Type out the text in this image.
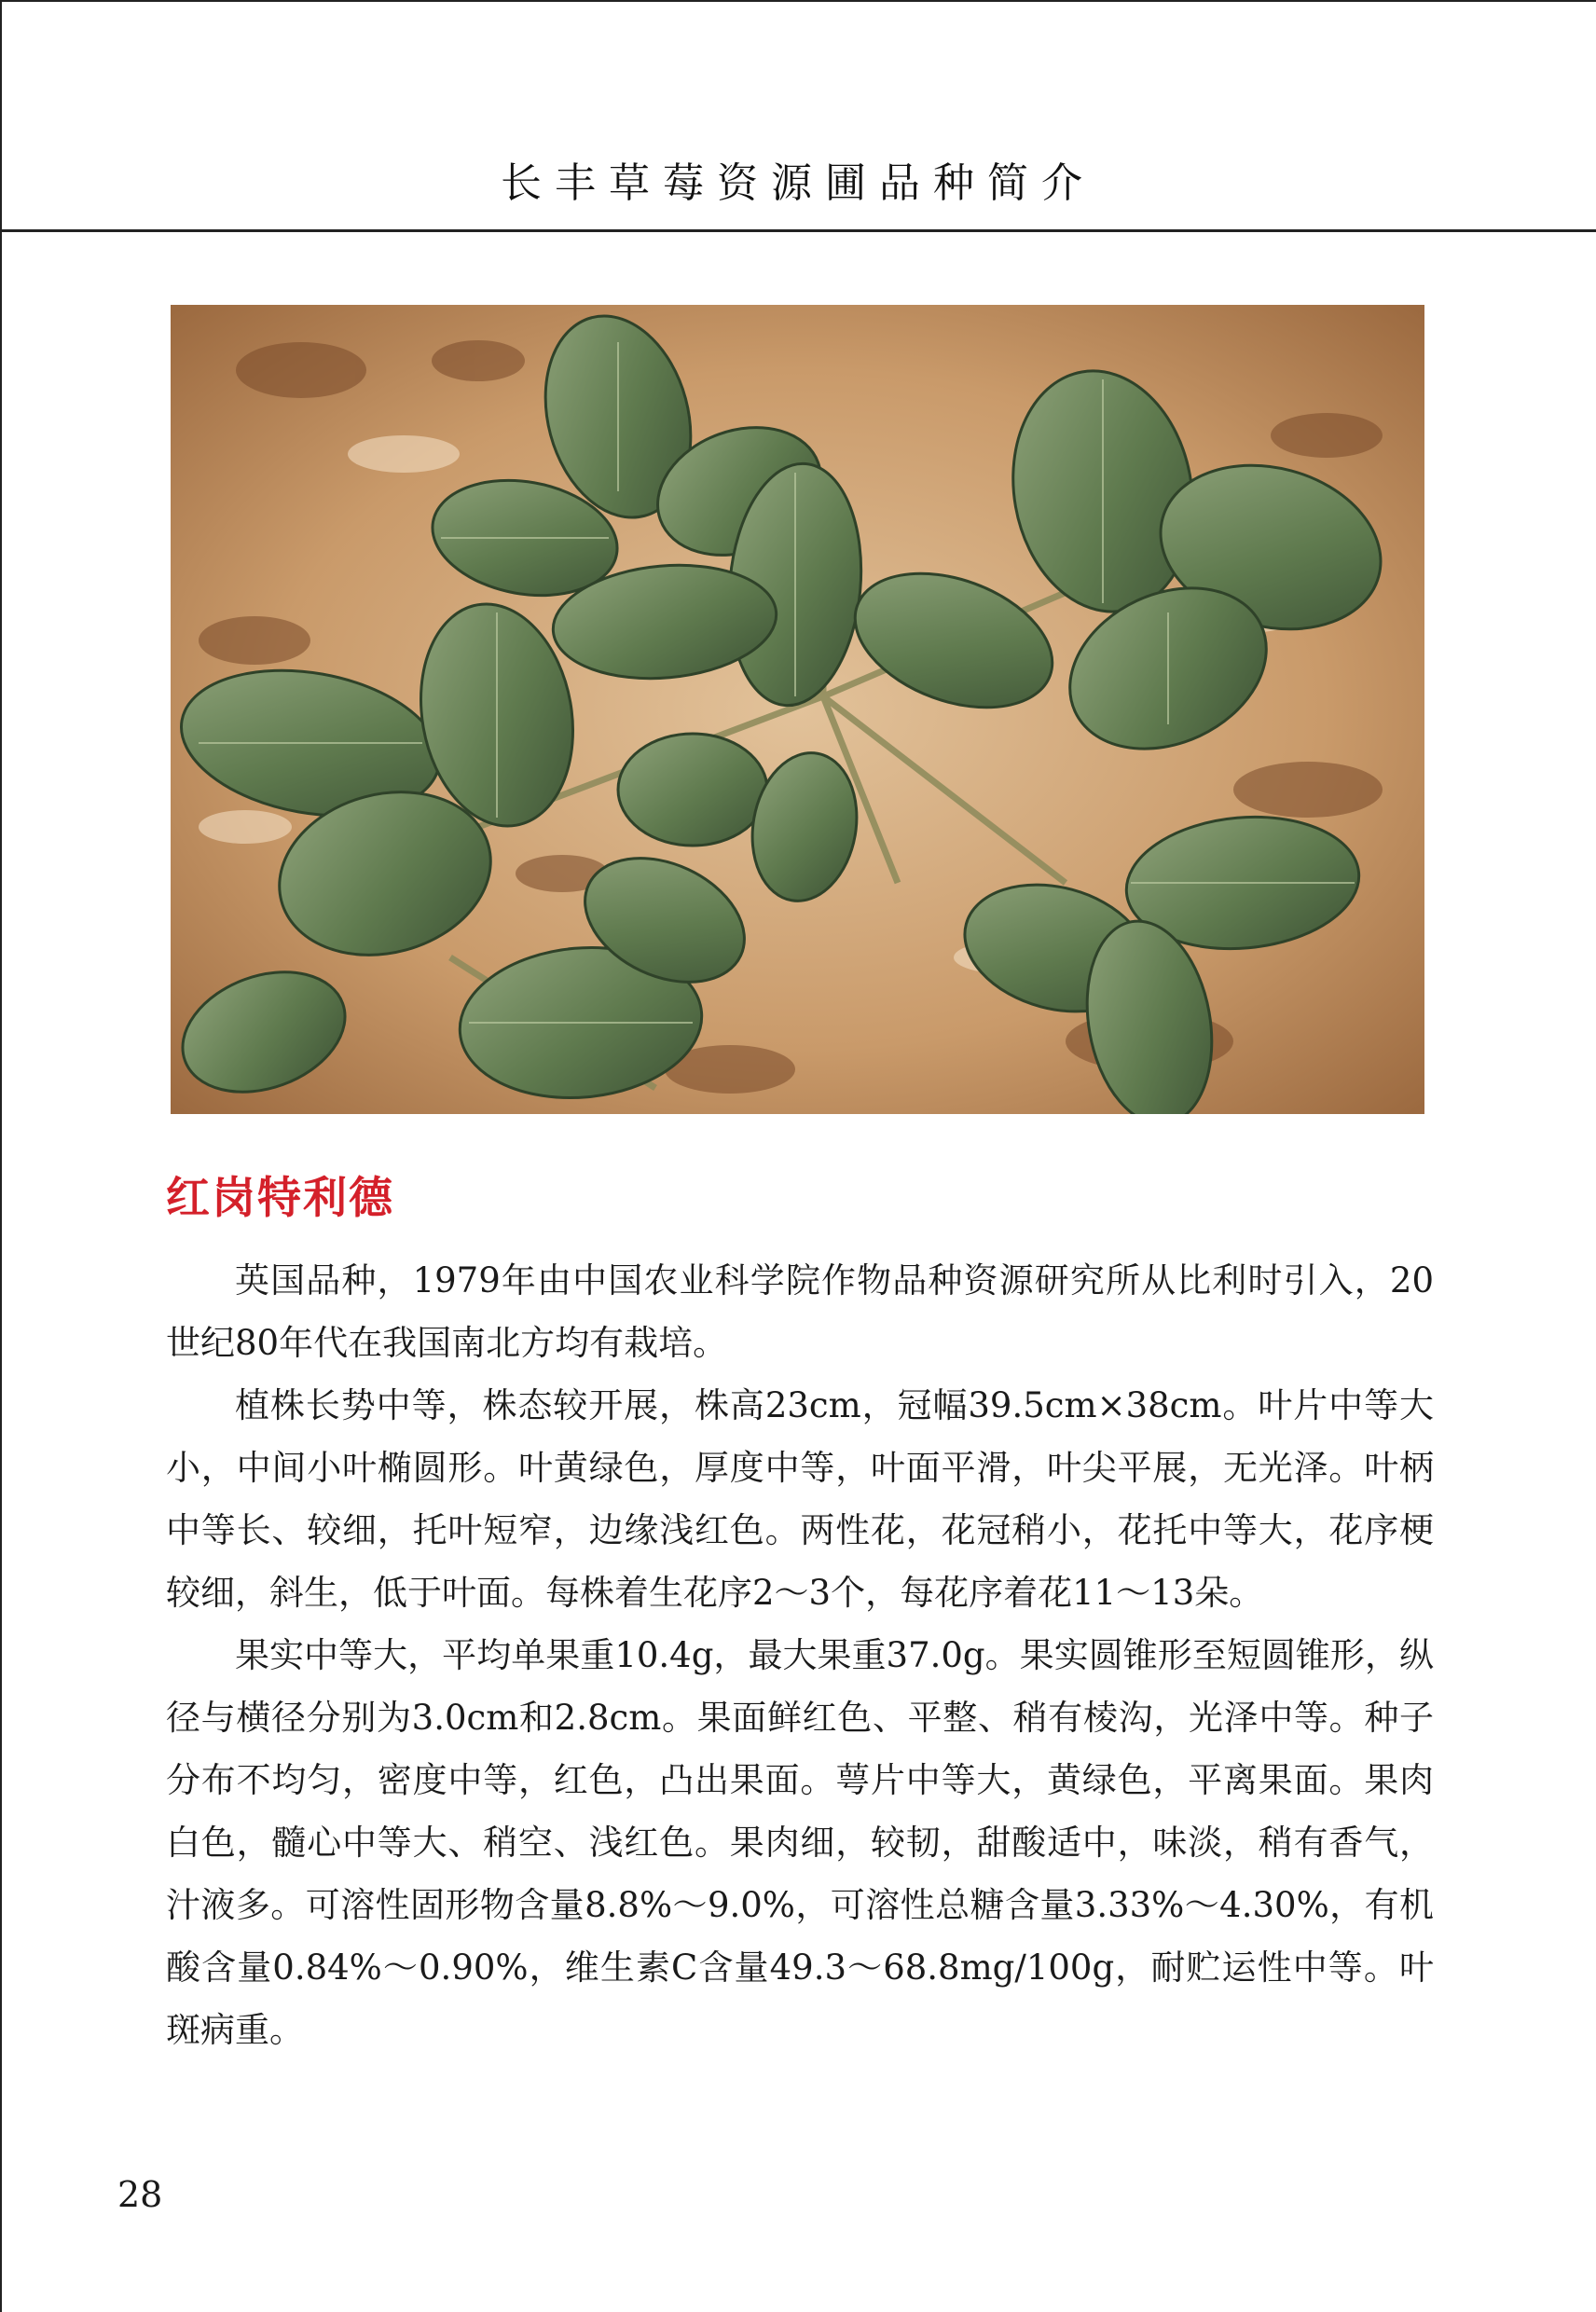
长丰草莓资源圃品种简介
红岗特利德

英国品种，1979年由中国农业科学院作物品种资源研究所从比利时引入，20世纪80年代在我国南北方均有栽培。

植株长势中等，株态较开展，株高23cm，冠幅39.5cm×38cm。叶片中等大小，中间小叶椭圆形。叶黄绿色，厚度中等，叶面平滑，叶尖平展，无光泽。叶柄中等长、较细，托叶短窄，边缘浅红色。两性花，花冠稍小，花托中等大，花序梗较细，斜生，低于叶面。每株着生花序2～3个，每花序着花11～13朵。

果实中等大，平均单果重10.4g，最大果重37.0g。果实圆锥形至短圆锥形，纵径与横径分别为3.0cm和2.8cm。果面鲜红色、平整、稍有棱沟，光泽中等。种子分布不均匀，密度中等，红色，凸出果面。萼片中等大，黄绿色，平离果面。果肉白色，髓心中等大、稍空、浅红色。果肉细，较韧，甜酸适中，味淡，稍有香气，汁液多。可溶性固形物含量8.8%～9.0%，可溶性总糖含量3.33%～4.30%，有机酸含量0.84%～0.90%，维生素C含量49.3～68.8mg/100g，耐贮运性中等。叶斑病重。

28
